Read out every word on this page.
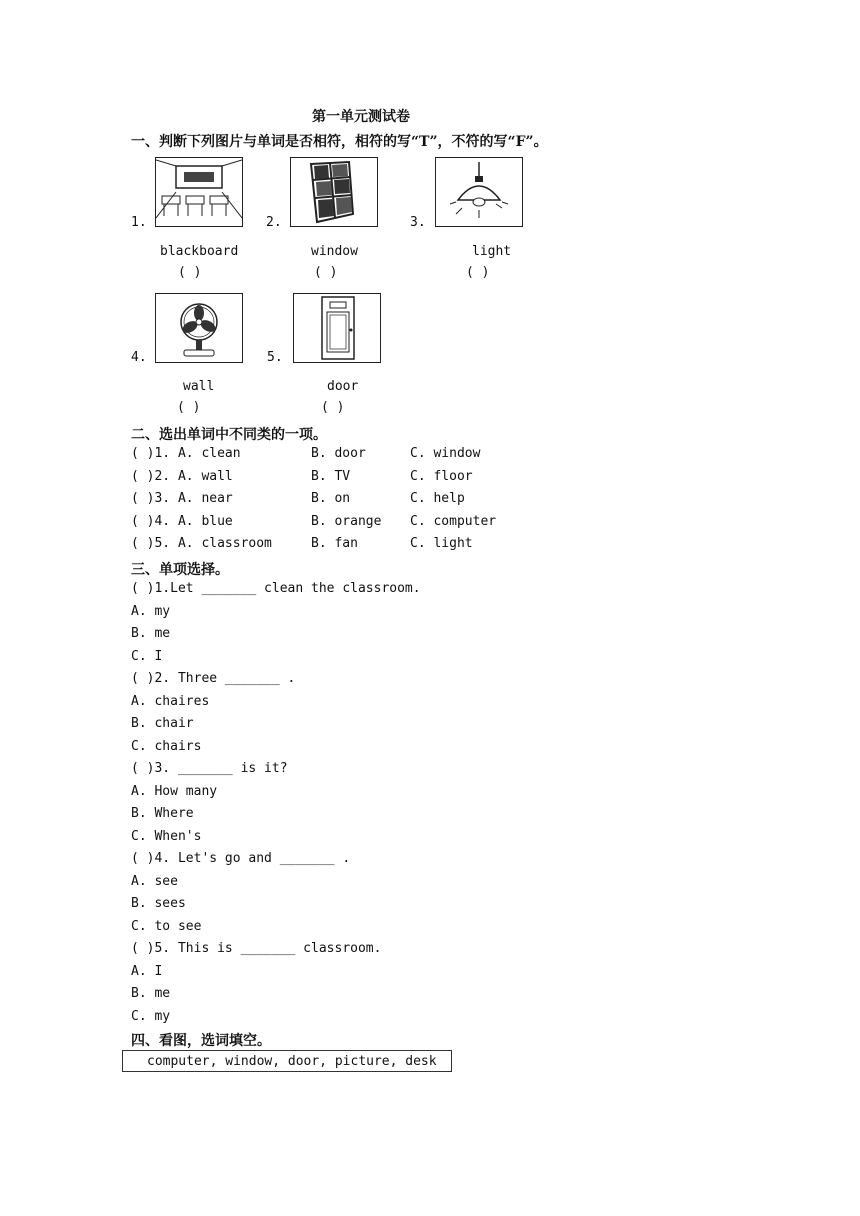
第一单元测试卷
一、判断下列图片与单词是否相符，相符的写“T”，不符的写“F”。
1.	2.	3.
blackboard	window	light
( )	( )	( )
4.	5.
wall	door
( )	( )
二、选出单词中不同类的一项。
( )1. A. clean	B. door	C. window
( )2. A. wall	B. TV	C. floor
( )3. A. near	B. on	C. help
( )4. A. blue	B. orange C. computer
( )5. A. classroom	B. fan	C. light
三、单项选择。
( )1.Let _______ clean the classroom.
A. my
B. me
C. I
( )2. Three _______ .
A. chaires
B. chair
C. chairs
( )3. _______ is it?
A. How many
B. Where
C. When's
( )4. Let's go and _______ .
A. see
B. sees
C. to see
( )5. This is _______ classroom.
A. I
B. me
C. my
四、看图，选词填空。
computer, window, door, picture, desk
